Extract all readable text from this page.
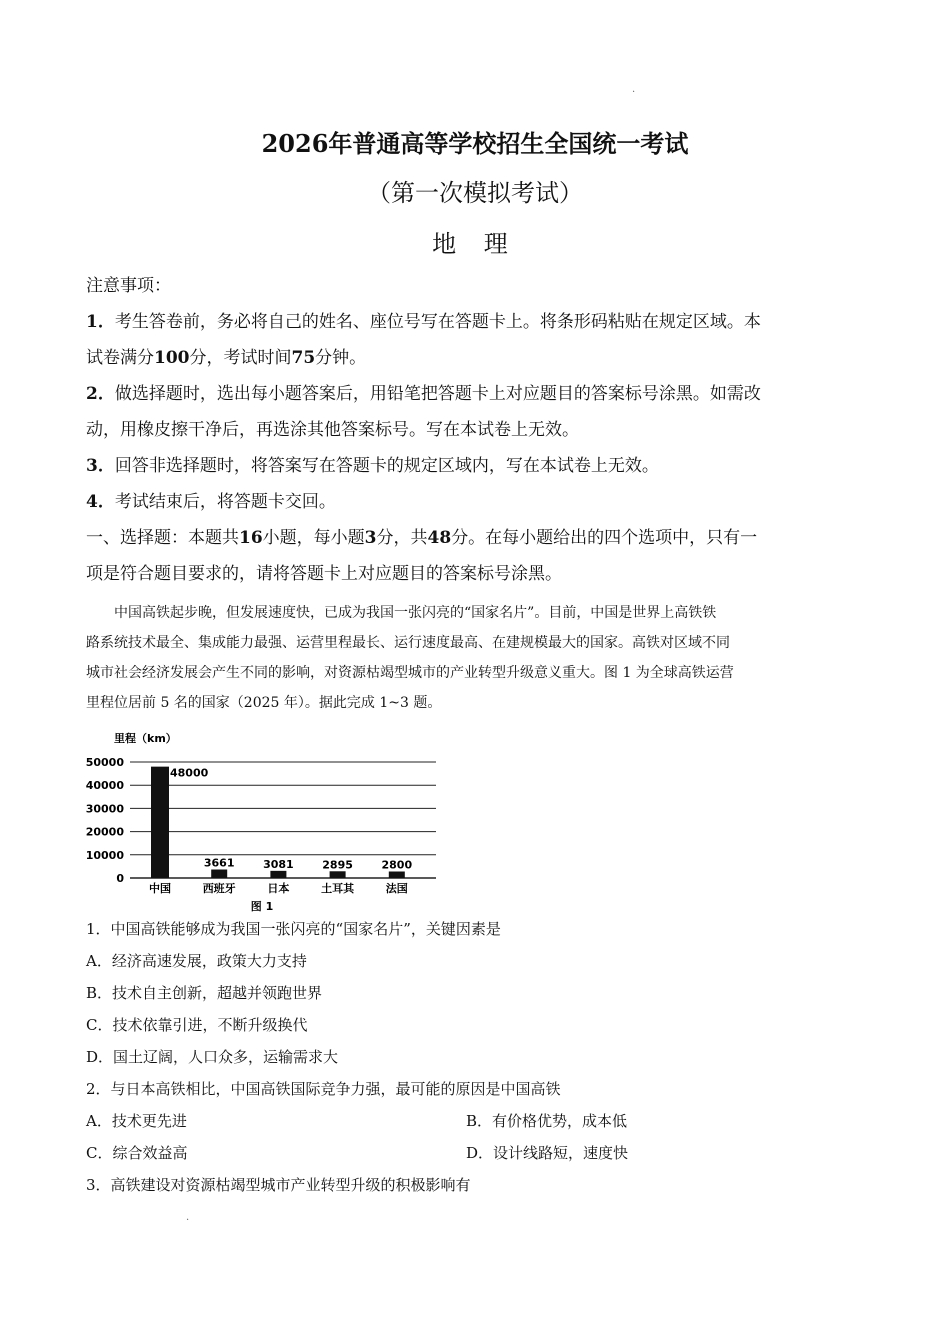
.
2026年普通高等学校招生全国统一考试
（第一次模拟考试）
地 理
注意事项：
1．考生答卷前，务必将自己的姓名、座位号写在答题卡上。将条形码粘贴在规定区域。本
试卷满分100分，考试时间75分钟。
2．做选择题时，选出每小题答案后，用铅笔把答题卡上对应题目的答案标号涂黑。如需改
动，用橡皮擦干净后，再选涂其他答案标号。写在本试卷上无效。
3．回答非选择题时，将答案写在答题卡的规定区域内，写在本试卷上无效。
4．考试结束后，将答题卡交回。
一、选择题：本题共16小题，每小题3分，共48分。在每小题给出的四个选项中，只有一
项是符合题目要求的，请将答题卡上对应题目的答案标号涂黑。
中国高铁起步晚，但发展速度快，已成为我国一张闪亮的“国家名片”。目前，中国是世界上高铁铁
路系统技术最全、集成能力最强、运营里程最长、运行速度最高、在建规模最大的国家。高铁对区域不同
城市社会经济发展会产生不同的影响，对资源枯竭型城市的产业转型升级意义重大。图 1 为全球高铁运营
里程位居前 5 名的国家（2025 年）。据此完成 1~3 题。
里程（km）
0
10000
20000
30000
40000
50000
中国	西班牙	日本	土耳其	法国
48000
3661	3081	2895	2800
图 1
1．中国高铁能够成为我国一张闪亮的“国家名片”，关键因素是
A．经济高速发展，政策大力支持
B．技术自主创新，超越并领跑世界
C．技术依靠引进，不断升级换代
D．国土辽阔，人口众多，运输需求大
2．与日本高铁相比，中国高铁国际竞争力强，最可能的原因是中国高铁
A．技术更先进	B．有价格优势，成本低
C．综合效益高	D．设计线路短，速度快
3．高铁建设对资源枯竭型城市产业转型升级的积极影响有
.
